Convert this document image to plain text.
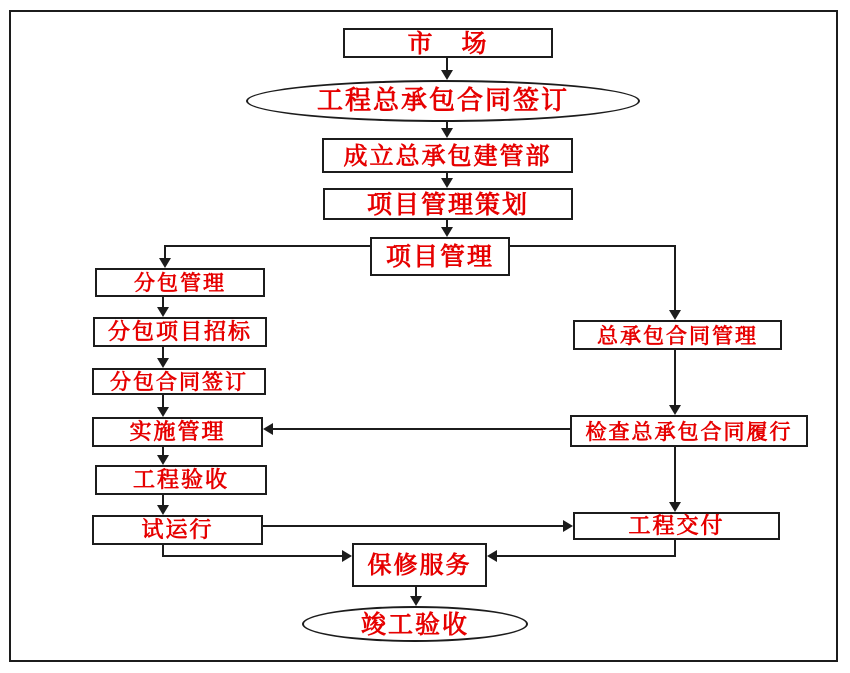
市　场
工程总承包合同签订
成立总承包建管部
项目管理策划
项目管理
分包管理
分包项目招标
分包合同签订
实施管理
工程验收
试运行
总承包合同管理
检查总承包合同履行
工程交付
保修服务
竣工验收
